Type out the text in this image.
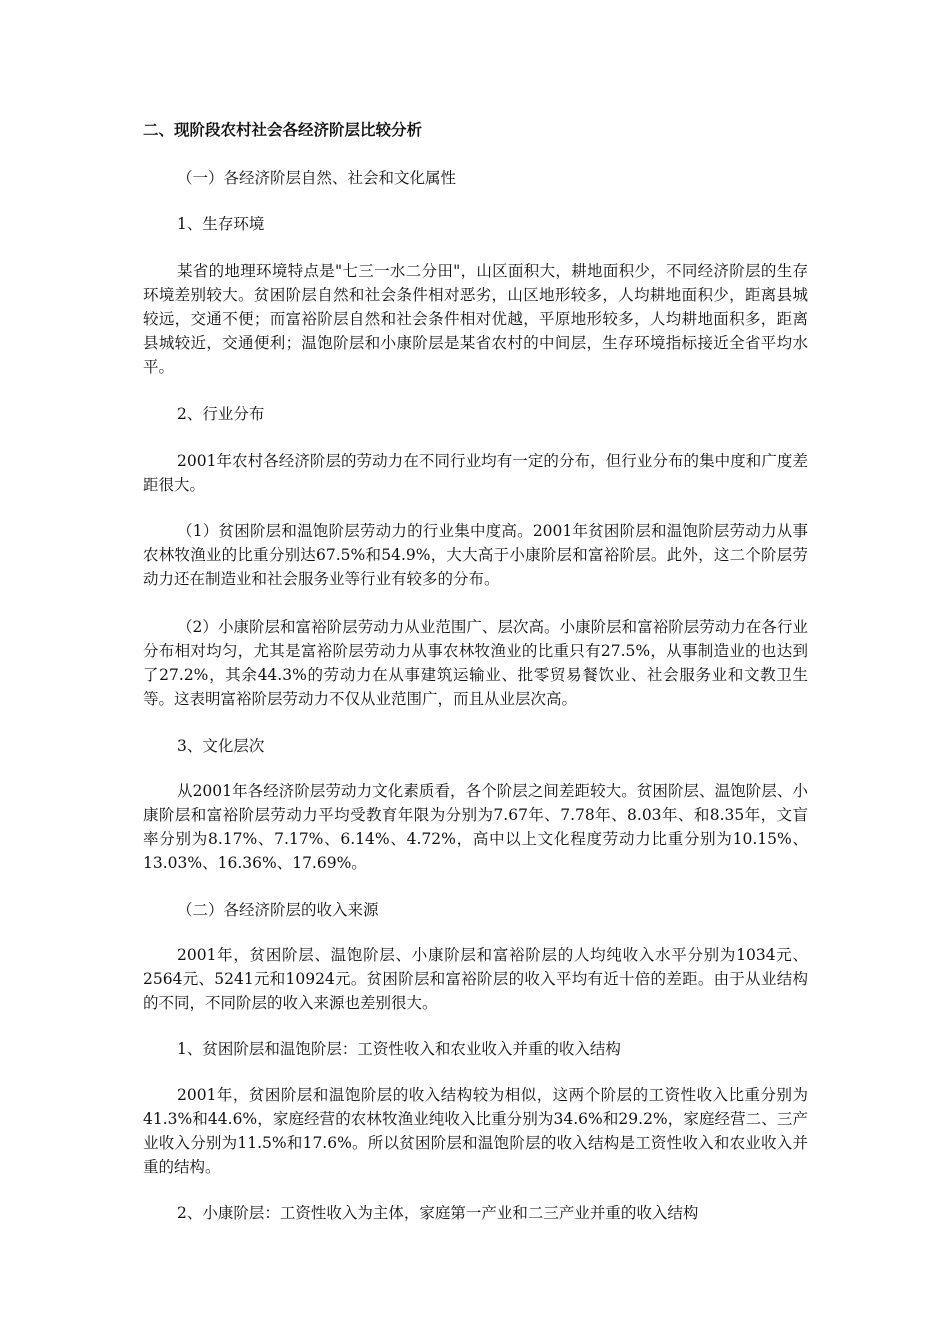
二、现阶段农村社会各经济阶层比较分析
（一）各经济阶层自然、社会和文化属性
1、生存环境
某省的地理环境特点是"七三一水二分田"，山区面积大，耕地面积少，不同经济阶层的生存环境差别较大。贫困阶层自然和社会条件相对恶劣，山区地形较多，人均耕地面积少，距离县城较远，交通不便；而富裕阶层自然和社会条件相对优越，平原地形较多，人均耕地面积多，距离县城较近，交通便利；温饱阶层和小康阶层是某省农村的中间层，生存环境指标接近全省平均水平。
2、行业分布
2001年农村各经济阶层的劳动力在不同行业均有一定的分布，但行业分布的集中度和广度差距很大。
（1）贫困阶层和温饱阶层劳动力的行业集中度高。2001年贫困阶层和温饱阶层劳动力从事农林牧渔业的比重分别达67.5%和54.9%，大大高于小康阶层和富裕阶层。此外，这二个阶层劳动力还在制造业和社会服务业等行业有较多的分布。
（2）小康阶层和富裕阶层劳动力从业范围广、层次高。小康阶层和富裕阶层劳动力在各行业分布相对均匀，尤其是富裕阶层劳动力从事农林牧渔业的比重只有27.5%，从事制造业的也达到了27.2%，其余44.3%的劳动力在从事建筑运输业、批零贸易餐饮业、社会服务业和文教卫生等。这表明富裕阶层劳动力不仅从业范围广，而且从业层次高。
3、文化层次
从2001年各经济阶层劳动力文化素质看，各个阶层之间差距较大。贫困阶层、温饱阶层、小康阶层和富裕阶层劳动力平均受教育年限为分别为7.67年、7.78年、8.03年、和8.35年，文盲率分别为8.17%、7.17%、6.14%、4.72%，高中以上文化程度劳动力比重分别为10.15%、13.03%、16.36%、17.69%。
（二）各经济阶层的收入来源
2001年，贫困阶层、温饱阶层、小康阶层和富裕阶层的人均纯收入水平分别为1034元、2564元、5241元和10924元。贫困阶层和富裕阶层的收入平均有近十倍的差距。由于从业结构的不同，不同阶层的收入来源也差别很大。
1、贫困阶层和温饱阶层：工资性收入和农业收入并重的收入结构
2001年，贫困阶层和温饱阶层的收入结构较为相似，这两个阶层的工资性收入比重分别为41.3%和44.6%，家庭经营的农林牧渔业纯收入比重分别为34.6%和29.2%，家庭经营二、三产业收入分别为11.5%和17.6%。所以贫困阶层和温饱阶层的收入结构是工资性收入和农业收入并重的结构。
2、小康阶层：工资性收入为主体，家庭第一产业和二三产业并重的收入结构
